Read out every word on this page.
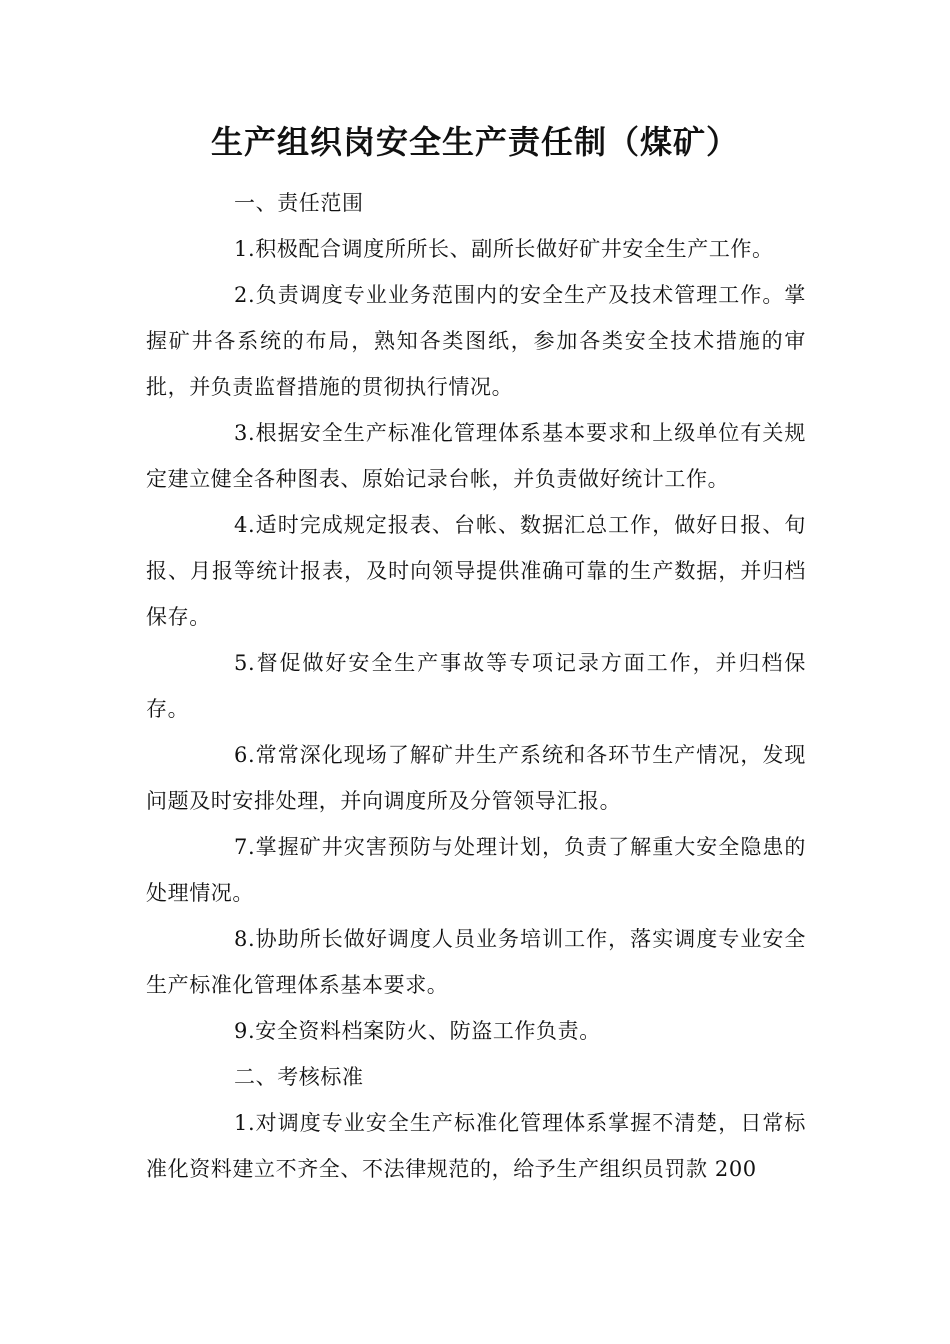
生产组织岗安全生产责任制（煤矿）

一、责任范围

1.积极配合调度所所长、副所长做好矿井安全生产工作。

2.负责调度专业业务范围内的安全生产及技术管理工作。掌握矿井各系统的布局，熟知各类图纸，参加各类安全技术措施的审批，并负责监督措施的贯彻执行情况。

3.根据安全生产标准化管理体系基本要求和上级单位有关规定建立健全各种图表、原始记录台帐，并负责做好统计工作。

4.适时完成规定报表、台帐、数据汇总工作，做好日报、旬报、月报等统计报表，及时向领导提供准确可靠的生产数据，并归档保存。

5.督促做好安全生产事故等专项记录方面工作，并归档保存。

6.常常深化现场了解矿井生产系统和各环节生产情况，发现问题及时安排处理，并向调度所及分管领导汇报。

7.掌握矿井灾害预防与处理计划，负责了解重大安全隐患的处理情况。

8.协助所长做好调度人员业务培训工作，落实调度专业安全生产标准化管理体系基本要求。

9.安全资料档案防火、防盗工作负责。

二、考核标准

1.对调度专业安全生产标准化管理体系掌握不清楚，日常标准化资料建立不齐全、不法律规范的，给予生产组织员罚款 200
